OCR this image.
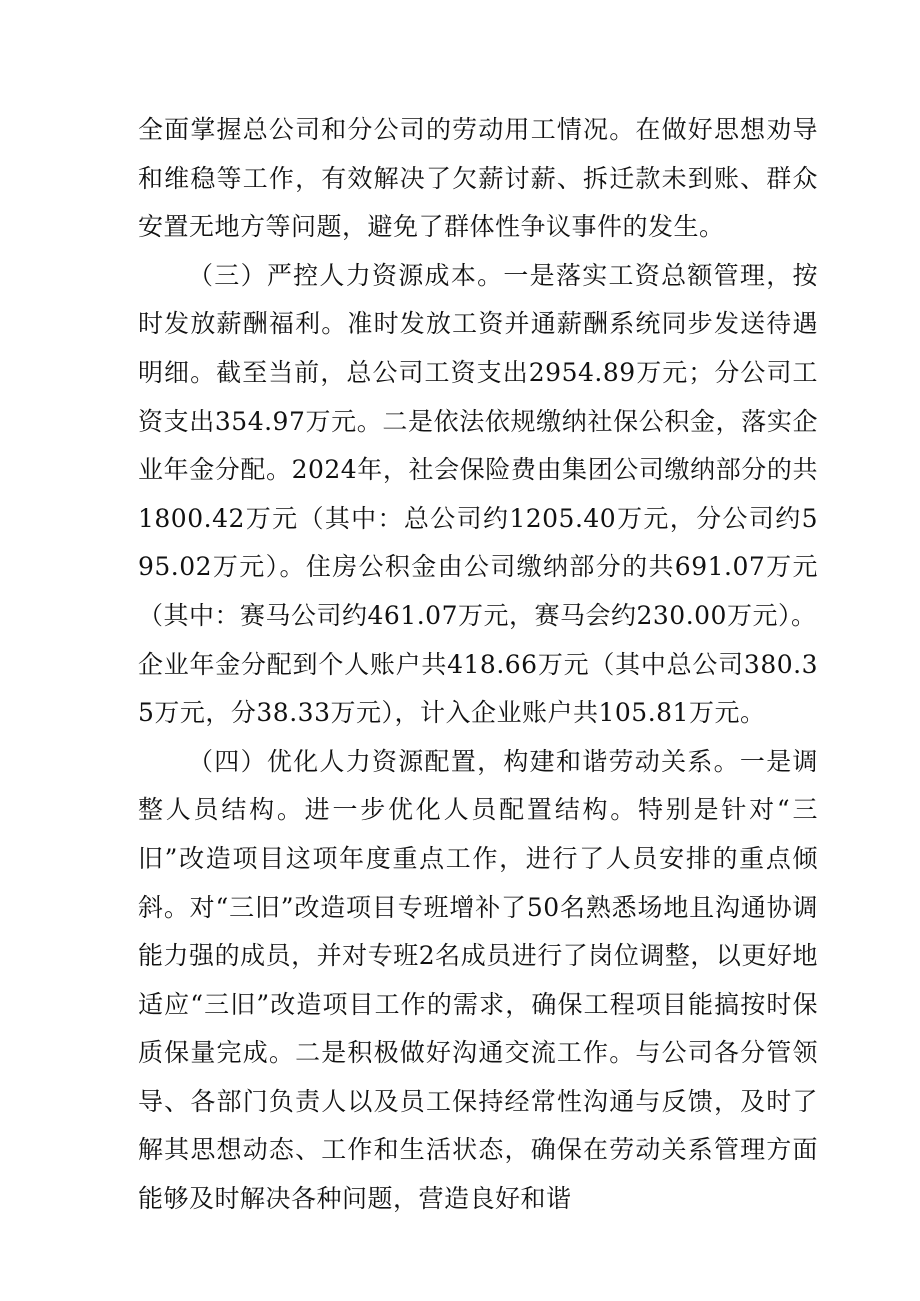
全面掌握总公司和分公司的劳动用工情况。在做好思想劝导和维稳等工作，有效解决了欠薪讨薪、拆迁款未到账、群众安置无地方等问题，避免了群体性争议事件的发生。

（三）严控人力资源成本。一是落实工资总额管理，按时发放薪酬福利。准时发放工资并通薪酬系统同步发送待遇明细。截至当前，总公司工资支出2954.89万元；分公司工资支出354.97万元。二是依法依规缴纳社保公积金，落实企业年金分配。2024年，社会保险费由集团公司缴纳部分的共1800.42万元（其中：总公司约1205.40万元，分公司约595.02万元）。住房公积金由公司缴纳部分的共691.07万元（其中：赛马公司约461.07万元，赛马会约230.00万元）。

企业年金分配到个人账户共418.66万元（其中总公司380.35万元，分38.33万元），计入企业账户共105.81万元。

（四）优化人力资源配置，构建和谐劳动关系。一是调整人员结构。进一步优化人员配置结构。特别是针对“三旧”改造项目这项年度重点工作，进行了人员安排的重点倾斜。对“三旧”改造项目专班增补了50名熟悉场地且沟通协调能力强的成员，并对专班2名成员进行了岗位调整，以更好地适应“三旧”改造项目工作的需求，确保工程项目能搞按时保质保量完成。二是积极做好沟通交流工作。与公司各分管领导、各部门负责人以及员工保持经常性沟通与反馈，及时了解其思想动态、工作和生活状态，确保在劳动关系管理方面能够及时解决各种问题，营造良好和谐
